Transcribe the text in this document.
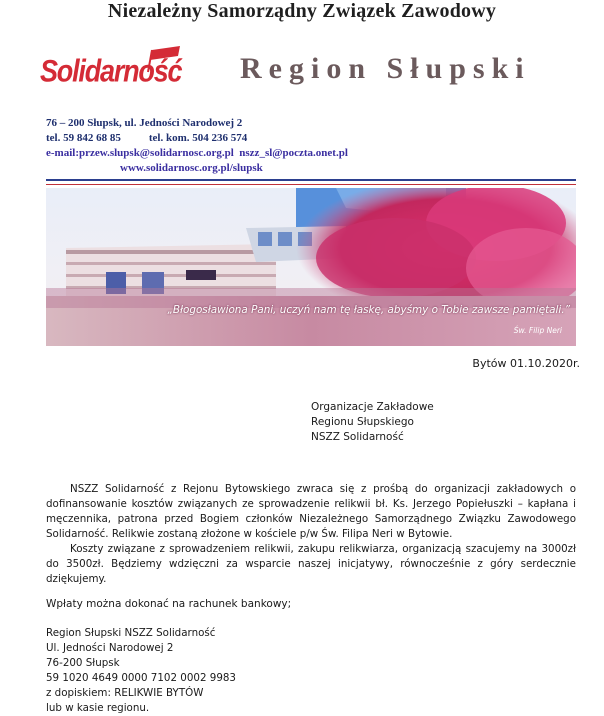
Niezależny Samorządny Związek Zawodowy
Solidarność	Region Słupski
76 – 200 Słupsk, ul. Jedności Narodowej 2
tel. 59 842 68 85	tel. kom. 504 236 574
e-mail:przew.slupsk@solidarnosc.org.pl nszz_sl@poczta.onet.pl
www.solidarnosc.org.pl/slupsk
„Błogosławiona Pani, uczyń nam tę łaskę, abyśmy o Tobie zawsze pamiętali.”
Św. Filip Neri
Bytów 01.10.2020r.
Organizacje Zakładowe
Regionu Słupskiego
NSZZ Solidarność

NSZZ Solidarność z Rejonu Bytowskiego zwraca się z prośbą do organizacji zakładowych o dofinansowanie kosztów związanych ze sprowadzenie relikwii bł. Ks. Jerzego Popiełuszki – kapłana i męczennika, patrona przed Bogiem członków Niezależnego Samorządnego Związku Zawodowego Solidarność. Relikwie zostaną złożone w kościele p/w Św. Filipa Neri w Bytowie.

Koszty związane z sprowadzeniem relikwii, zakupu relikwiarza, organizacją szacujemy na 3000zł do 3500zł. Będziemy wdzięczni za wsparcie naszej inicjatywy, równocześnie z góry serdecznie dziękujemy.

Wpłaty można dokonać na rachunek bankowy;
Region Słupski NSZZ Solidarność
Ul. Jedności Narodowej 2
76-200 Słupsk
59 1020 4649 0000 7102 0002 9983
z dopiskiem: RELIKWIE BYTÓW
lub w kasie regionu.
